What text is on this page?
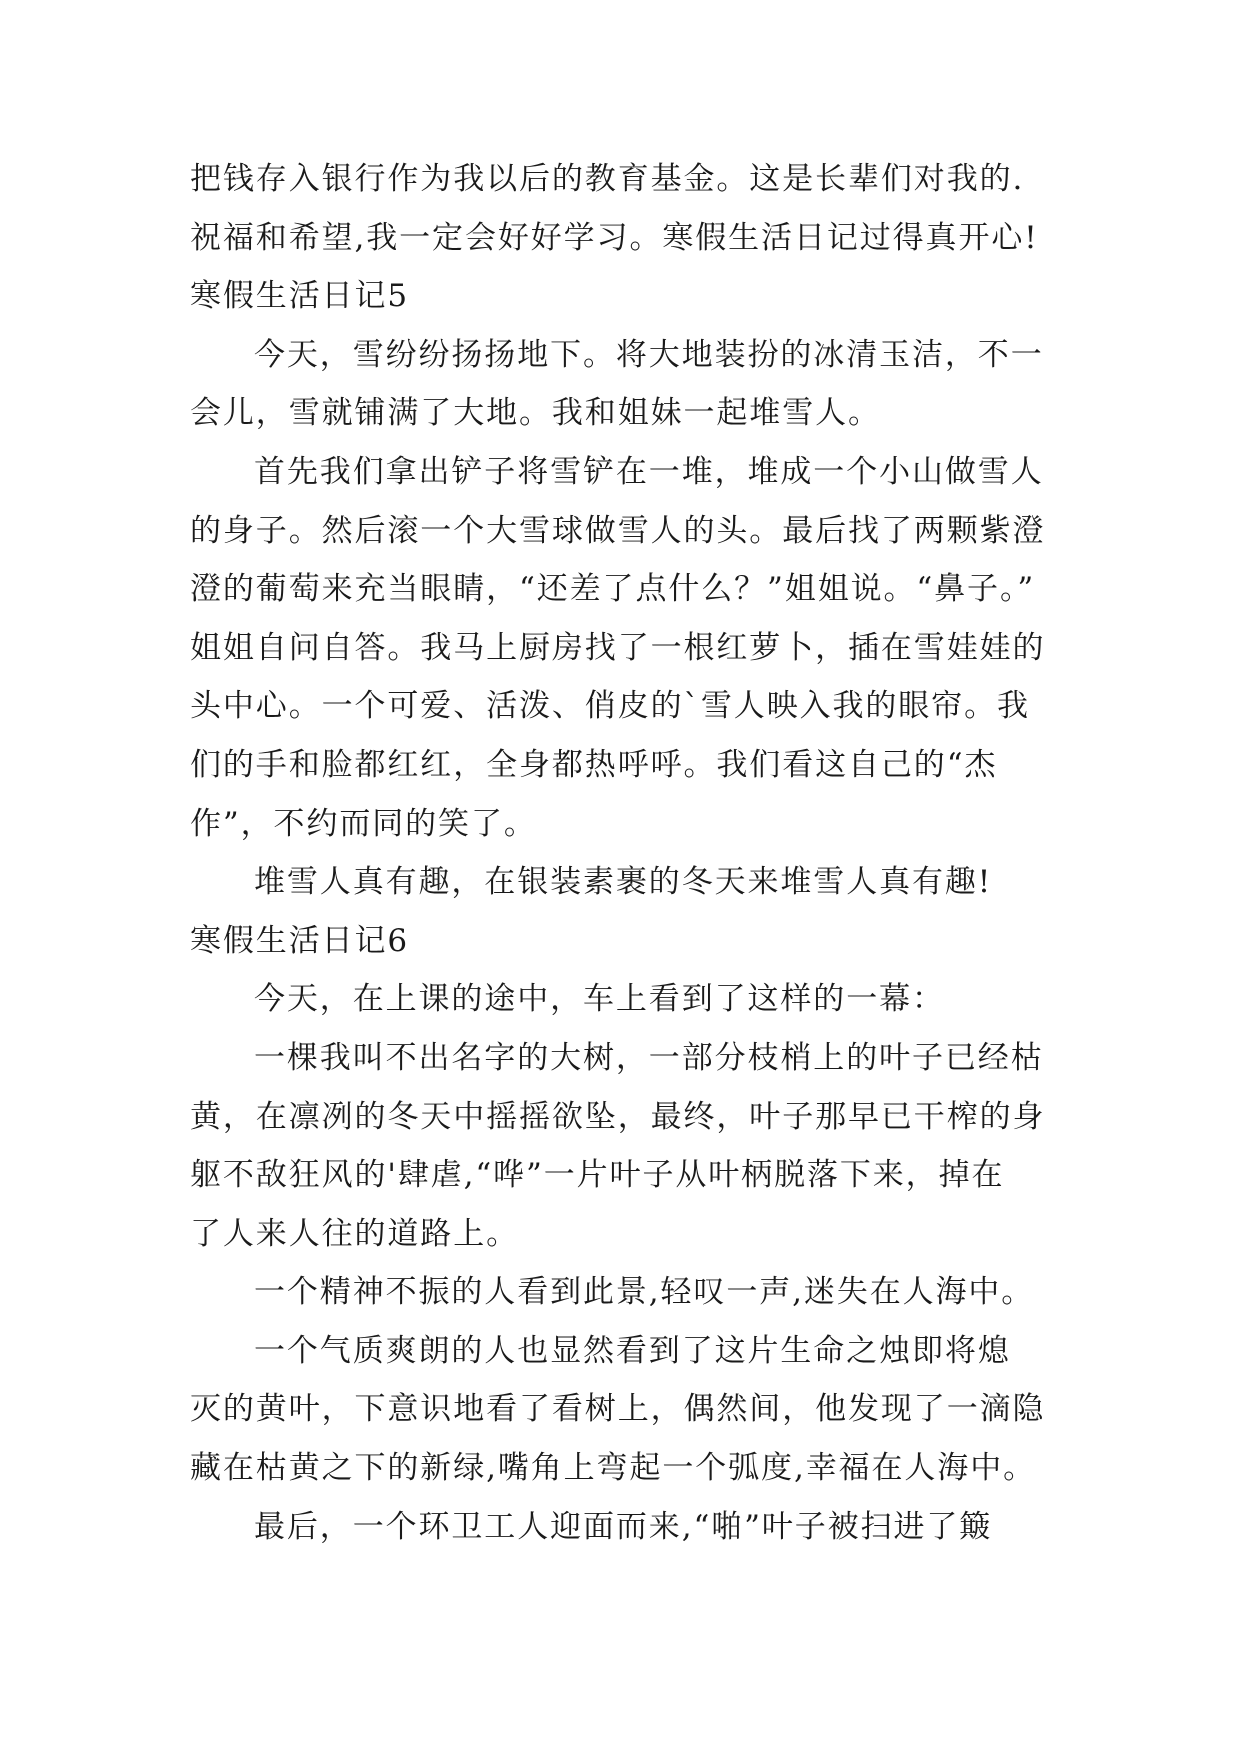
把钱存入银行作为我以后的教育基金。这是长辈们对我的.
祝福和希望,我一定会好好学习。寒假生活日记过得真开心!
寒假生活日记5
今天，雪纷纷扬扬地下。将大地装扮的冰清玉洁，不一
会儿，雪就铺满了大地。我和姐妹一起堆雪人。
首先我们拿出铲子将雪铲在一堆，堆成一个小山做雪人
的身子。然后滚一个大雪球做雪人的头。最后找了两颗紫澄
澄的葡萄来充当眼睛，“还差了点什么？”姐姐说。“鼻子。”
姐姐自问自答。我马上厨房找了一根红萝卜，插在雪娃娃的
头中心。一个可爱、活泼、俏皮的`雪人映入我的眼帘。我
们的手和脸都红红，全身都热呼呼。我们看这自己的“杰
作”，不约而同的笑了。
堆雪人真有趣，在银装素裹的冬天来堆雪人真有趣!
寒假生活日记6
今天，在上课的途中，车上看到了这样的一幕：
一棵我叫不出名字的大树，一部分枝梢上的叶子已经枯
黄，在凛冽的冬天中摇摇欲坠，最终，叶子那早已干榨的身
躯不敌狂风的'肆虐,“哗”一片叶子从叶柄脱落下来，掉在
了人来人往的道路上。
一个精神不振的人看到此景,轻叹一声,迷失在人海中。
一个气质爽朗的人也显然看到了这片生命之烛即将熄
灭的黄叶，下意识地看了看树上，偶然间，他发现了一滴隐
藏在枯黄之下的新绿,嘴角上弯起一个弧度,幸福在人海中。
最后，一个环卫工人迎面而来,“啪”叶子被扫进了簸
